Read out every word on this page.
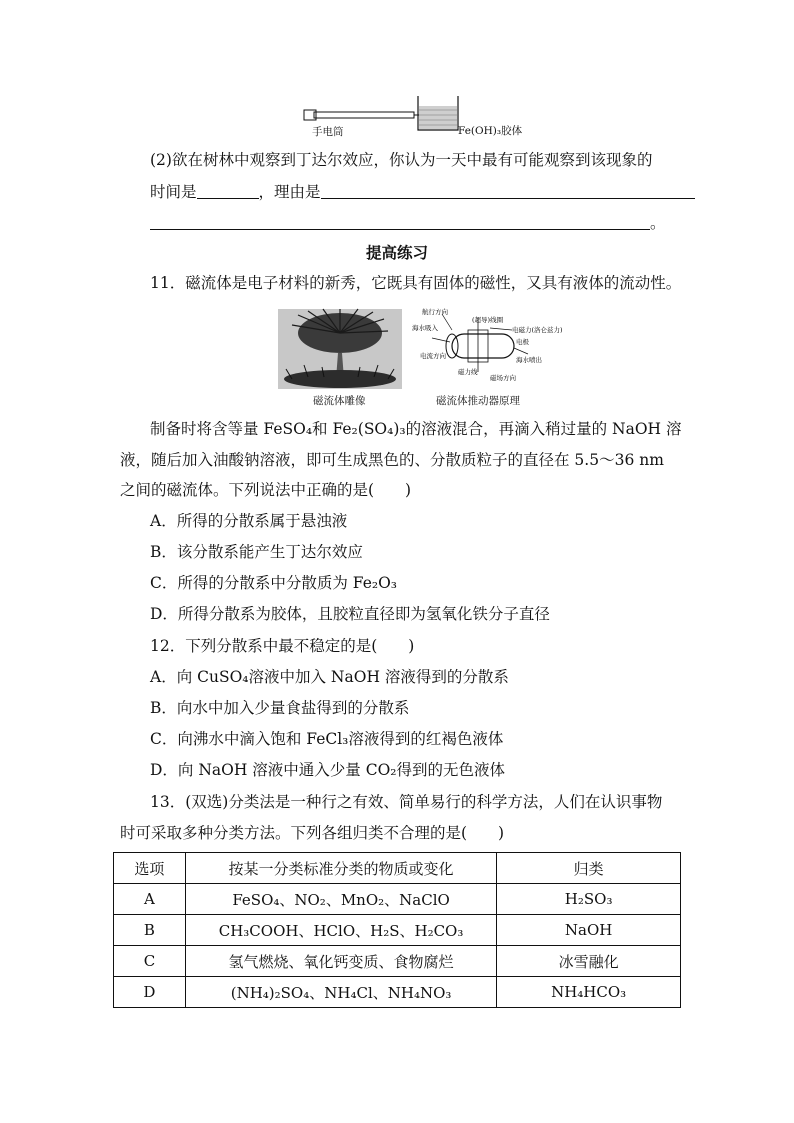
手电筒	Fe(OH)₃胶体
(2)欲在树林中观察到丁达尔效应，你认为一天中最有可能观察到该现象的
时间是	，理由是
。
提高练习
11．磁流体是电子材料的新秀，它既具有固体的磁性，又具有液体的流动性。
航行方向
(超导)线圈
海水吸入	电磁力(洛仑兹力)
电极
海水喷出
电流方向
磁力线
磁场方向
磁流体雕像	磁流体推动器原理
制备时将含等量 FeSO₄和 Fe₂(SO₄)₃的溶液混合，再滴入稍过量的 NaOH 溶
液，随后加入油酸钠溶液，即可生成黑色的、分散质粒子的直径在 5.5～36 nm
之间的磁流体。下列说法中正确的是(　　)
A．所得的分散系属于悬浊液
B．该分散系能产生丁达尔效应
C．所得的分散系中分散质为 Fe₂O₃
D．所得分散系为胶体，且胶粒直径即为氢氧化铁分子直径
12．下列分散系中最不稳定的是(　　)
A．向 CuSO₄溶液中加入 NaOH 溶液得到的分散系
B．向水中加入少量食盐得到的分散系
C．向沸水中滴入饱和 FeCl₃溶液得到的红褐色液体
D．向 NaOH 溶液中通入少量 CO₂得到的无色液体
13．(双选)分类法是一种行之有效、简单易行的科学方法，人们在认识事物
时可采取多种分类方法。下列各组归类不合理的是(　　)
选项	按某一分类标准分类的物质或变化	归类
A	FeSO₄、NO₂、MnO₂、NaClO	H₂SO₃
B	CH₃COOH、HClO、H₂S、H₂CO₃	NaOH
C	氢气燃烧、氧化钙变质、食物腐烂	冰雪融化
D	(NH₄)₂SO₄、NH₄Cl、NH₄NO₃	NH₄HCO₃
